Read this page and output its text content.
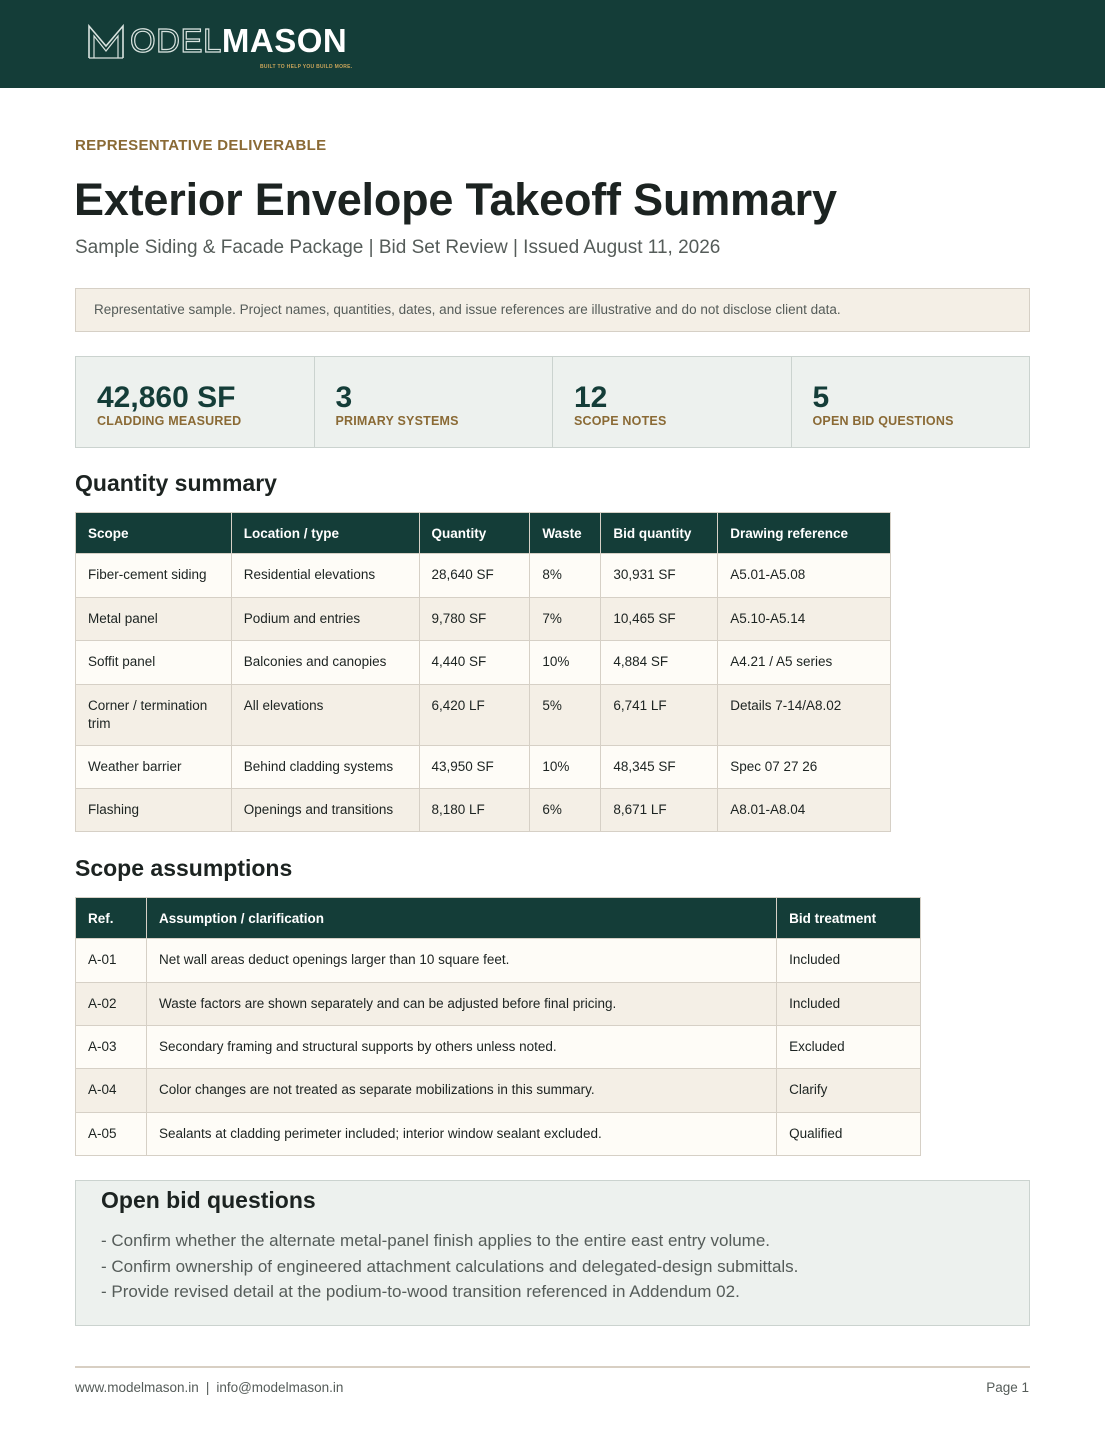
ODELMASON
BUILT TO HELP YOU BUILD MORE.
REPRESENTATIVE DELIVERABLE
Exterior Envelope Takeoff Summary
Sample Siding & Facade Package | Bid Set Review | Issued August 11, 2026
Representative sample. Project names, quantities, dates, and issue references are illustrative and do not disclose client data.
42,860 SF
CLADDING MEASURED
3
PRIMARY SYSTEMS
12
SCOPE NOTES
5
OPEN BID QUESTIONS
Quantity summary
Scope	Location / type	Quantity	Waste	Bid quantity	Drawing reference
Fiber-cement siding	Residential elevations	28,640 SF	8%	30,931 SF	A5.01-A5.08
Metal panel	Podium and entries	9,780 SF	7%	10,465 SF	A5.10-A5.14
Soffit panel	Balconies and canopies	4,440 SF	10%	4,884 SF	A4.21 / A5 series
Corner / termination trim	All elevations	6,420 LF	5%	6,741 LF	Details 7-14/A8.02
Weather barrier	Behind cladding systems	43,950 SF	10%	48,345 SF	Spec 07 27 26
Flashing	Openings and transitions	8,180 LF	6%	8,671 LF	A8.01-A8.04
Scope assumptions
Ref.	Assumption / clarification	Bid treatment
A-01	Net wall areas deduct openings larger than 10 square feet.	Included
A-02	Waste factors are shown separately and can be adjusted before final pricing.	Included
A-03	Secondary framing and structural supports by others unless noted.	Excluded
A-04	Color changes are not treated as separate mobilizations in this summary.	Clarify
A-05	Sealants at cladding perimeter included; interior window sealant excluded.	Qualified
Open bid questions
- Confirm whether the alternate metal-panel finish applies to the entire east entry volume.
- Confirm ownership of engineered attachment calculations and delegated-design submittals.
- Provide revised detail at the podium-to-wood transition referenced in Addendum 02.
www.modelmason.in | info@modelmason.in	Page 1
